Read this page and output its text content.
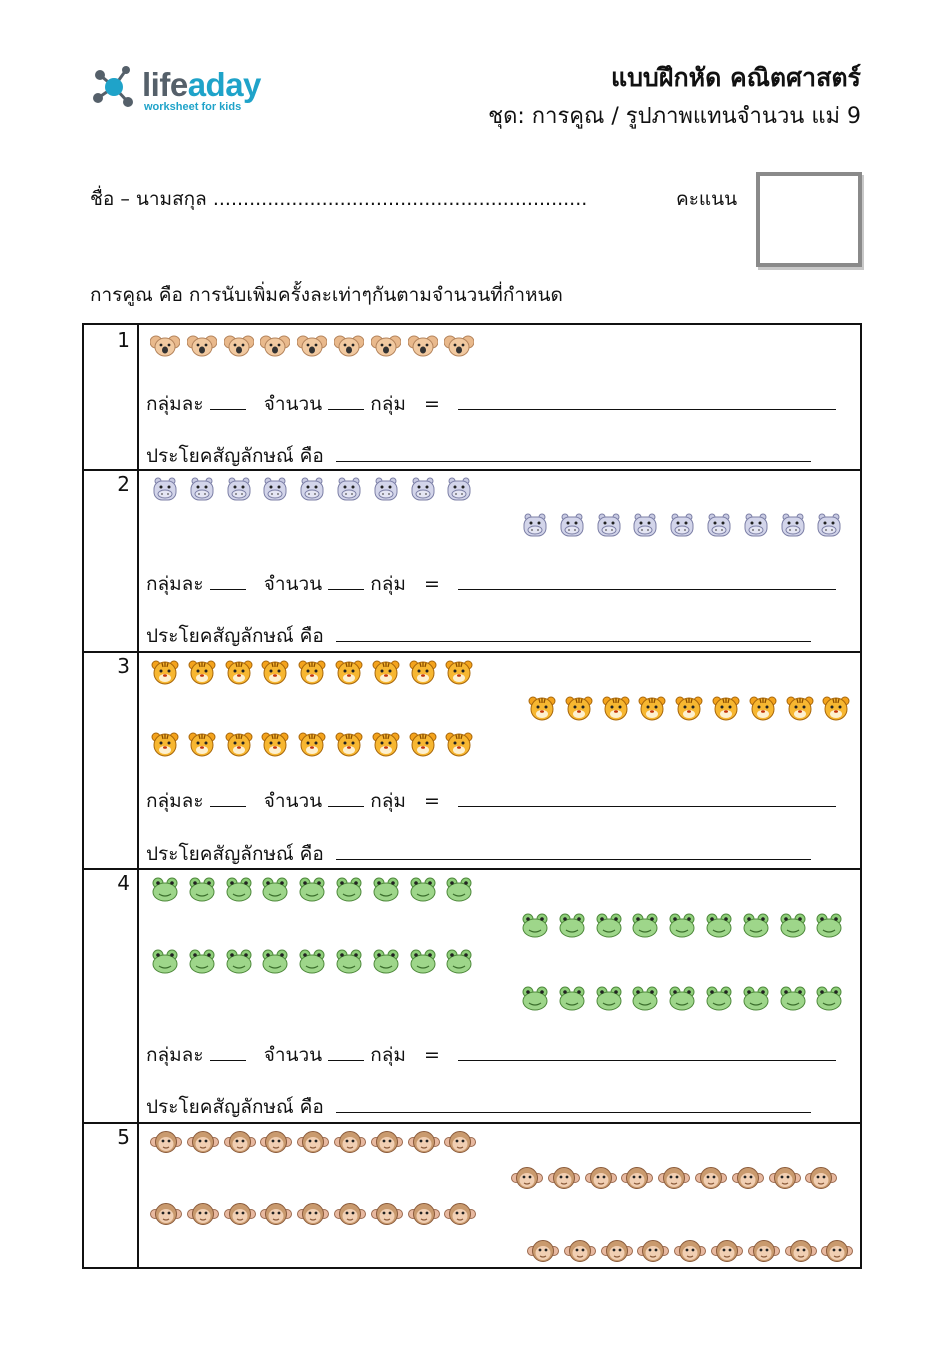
lifeaday
worksheet for kids
แบบฝึกหัด คณิตศาสตร์
ชุด: การคูณ / รูปภาพแทนจำนวน แม่ 9
ชื่อ – นามสกุล ..............................................................	คะแนน
การคูณ คือ การนับเพิ่มครั้งละเท่าๆกันตามจำนวนที่กำหนด
1
กลุ่มละ	จำนวน	กลุ่ม =
ประโยคสัญลักษณ์ คือ
2
กลุ่มละ	จำนวน	กลุ่ม =
ประโยคสัญลักษณ์ คือ
3
กลุ่มละ	จำนวน	กลุ่ม =
ประโยคสัญลักษณ์ คือ
4
กลุ่มละ	จำนวน	กลุ่ม =
ประโยคสัญลักษณ์ คือ
5
